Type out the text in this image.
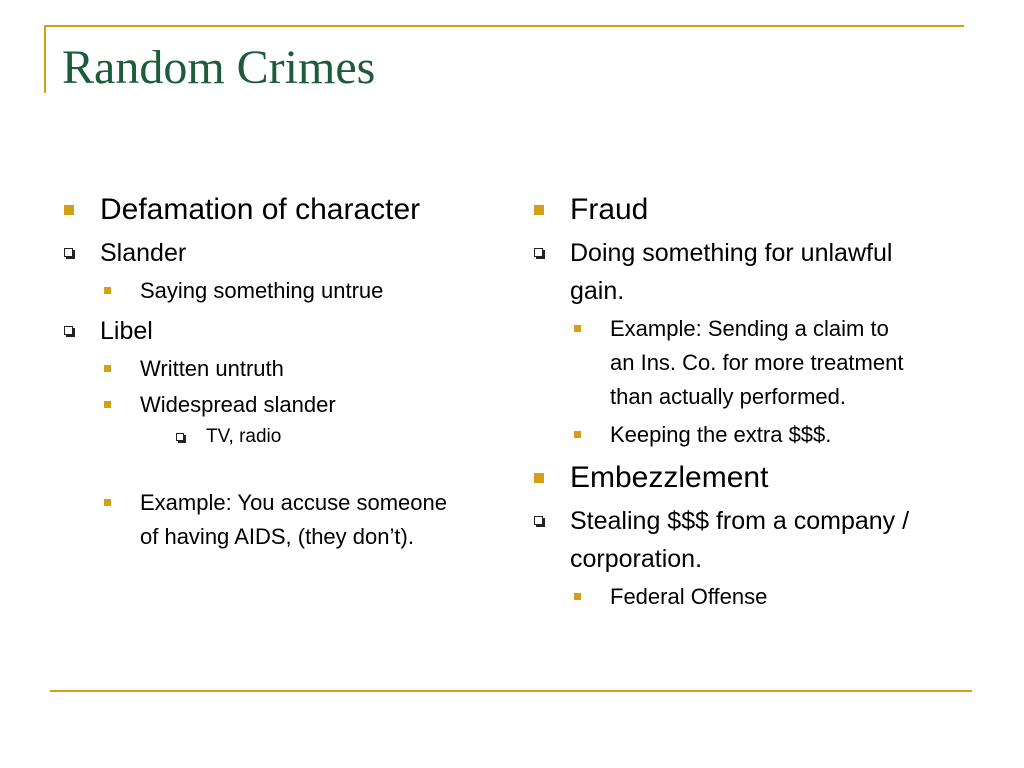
Random Crimes
Defamation of character
Slander
Saying something untrue
Libel
Written untruth
Widespread slander
TV, radio
Example: You accuse someone of having AIDS, (they don’t).
Fraud
Doing something for unlawful gain.
Example: Sending a claim to an Ins. Co. for more treatment than actually performed.
Keeping the extra $$$.
Embezzlement
Stealing $$$ from a company / corporation.
Federal Offense
